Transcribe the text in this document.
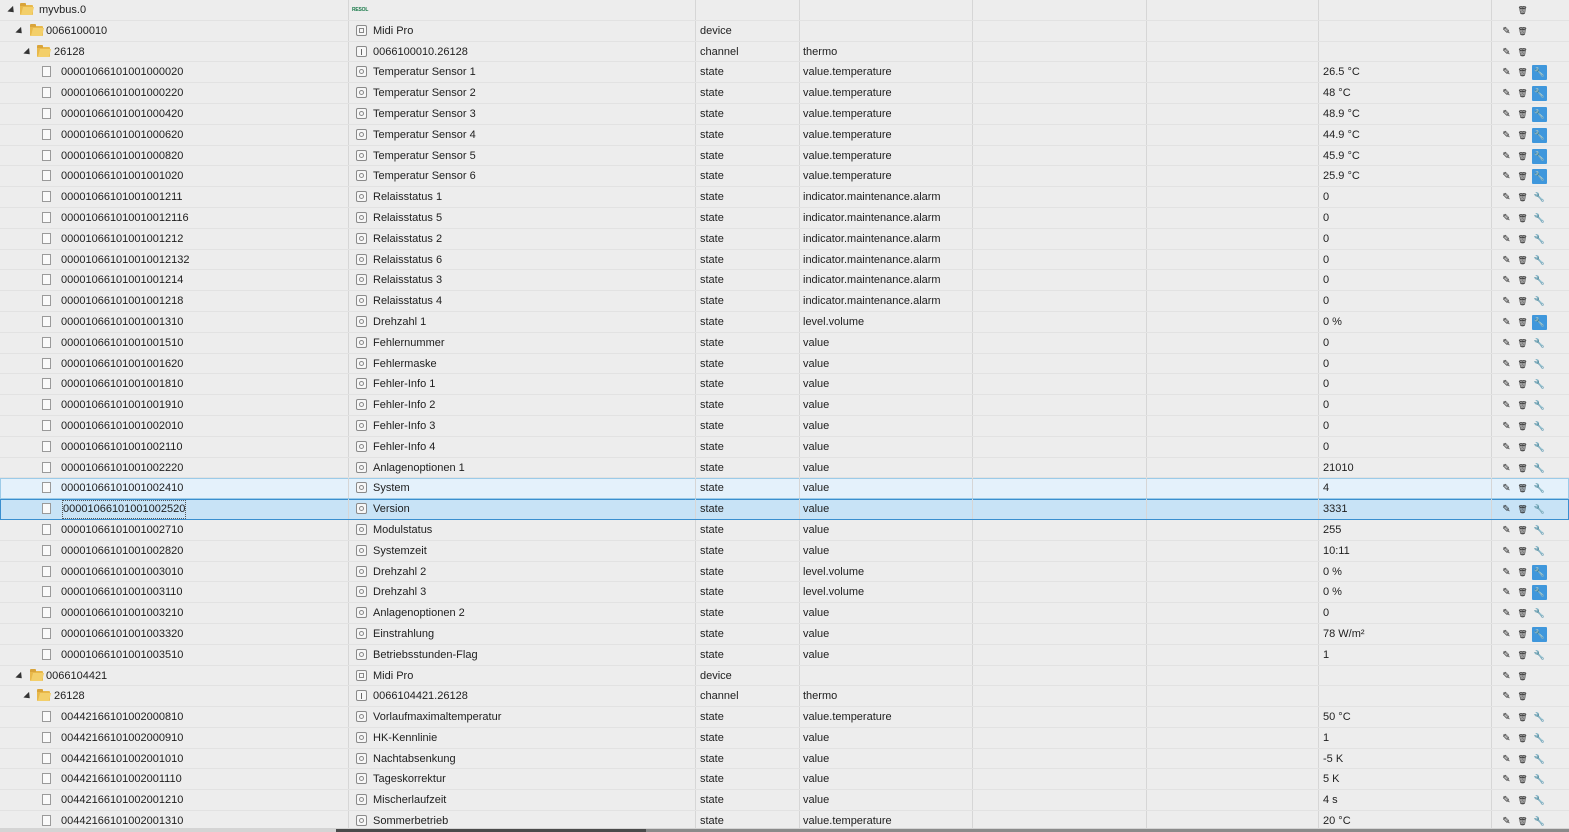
myvbus.0	RESOL	🗑
0066100010	Midi Pro	device	✎ 🗑
26128	0066100010.26128	channel	thermo	✎ 🗑
00001066101001000020	Temperatur Sensor 1	state	value.temperature	26.5 °C	✎ 🗑 🔧
00001066101001000220	Temperatur Sensor 2	state	value.temperature	48 °C	✎ 🗑 🔧
00001066101001000420	Temperatur Sensor 3	state	value.temperature	48.9 °C	✎ 🗑 🔧
00001066101001000620	Temperatur Sensor 4	state	value.temperature	44.9 °C	✎ 🗑 🔧
00001066101001000820	Temperatur Sensor 5	state	value.temperature	45.9 °C	✎ 🗑 🔧
00001066101001001020	Temperatur Sensor 6	state	value.temperature	25.9 °C	✎ 🗑 🔧
00001066101001001211	Relaisstatus 1	state	indicator.maintenance.alarm	0	✎ 🗑 🔧
000010661010010012116	Relaisstatus 5	state	indicator.maintenance.alarm	0	✎ 🗑 🔧
00001066101001001212	Relaisstatus 2	state	indicator.maintenance.alarm	0	✎ 🗑 🔧
000010661010010012132	Relaisstatus 6	state	indicator.maintenance.alarm	0	✎ 🗑 🔧
00001066101001001214	Relaisstatus 3	state	indicator.maintenance.alarm	0	✎ 🗑 🔧
00001066101001001218	Relaisstatus 4	state	indicator.maintenance.alarm	0	✎ 🗑 🔧
00001066101001001310	Drehzahl 1	state	level.volume	0 %	✎ 🗑 🔧
00001066101001001510	Fehlernummer	state	value	0	✎ 🗑 🔧
00001066101001001620	Fehlermaske	state	value	0	✎ 🗑 🔧
00001066101001001810	Fehler-Info 1	state	value	0	✎ 🗑 🔧
00001066101001001910	Fehler-Info 2	state	value	0	✎ 🗑 🔧
00001066101001002010	Fehler-Info 3	state	value	0	✎ 🗑 🔧
00001066101001002110	Fehler-Info 4	state	value	0	✎ 🗑 🔧
00001066101001002220	Anlagenoptionen 1	state	value	21010	✎ 🗑 🔧
00001066101001002410	System	state	value	4	✎ 🗑 🔧
00001066101001002520	Version	state	value	3331	✎ 🗑 🔧
00001066101001002710	Modulstatus	state	value	255	✎ 🗑 🔧
00001066101001002820	Systemzeit	state	value	10:11	✎ 🗑 🔧
00001066101001003010	Drehzahl 2	state	level.volume	0 %	✎ 🗑 🔧
00001066101001003110	Drehzahl 3	state	level.volume	0 %	✎ 🗑 🔧
00001066101001003210	Anlagenoptionen 2	state	value	0	✎ 🗑 🔧
00001066101001003320	Einstrahlung	state	value	78 W/m²	✎ 🗑 🔧
00001066101001003510	Betriebsstunden-Flag	state	value	1	✎ 🗑 🔧
0066104421	Midi Pro	device	✎ 🗑
26128	0066104421.26128	channel	thermo	✎ 🗑
00442166101002000810	Vorlaufmaximaltemperatur	state	value.temperature	50 °C	✎ 🗑 🔧
00442166101002000910	HK-Kennlinie	state	value	1	✎ 🗑 🔧
00442166101002001010	Nachtabsenkung	state	value	-5 K	✎ 🗑 🔧
00442166101002001110	Tageskorrektur	state	value	5 K	✎ 🗑 🔧
00442166101002001210	Mischerlaufzeit	state	value	4 s	✎ 🗑 🔧
00442166101002001310	Sommerbetrieb	state	value.temperature	20 °C	✎ 🗑 🔧
